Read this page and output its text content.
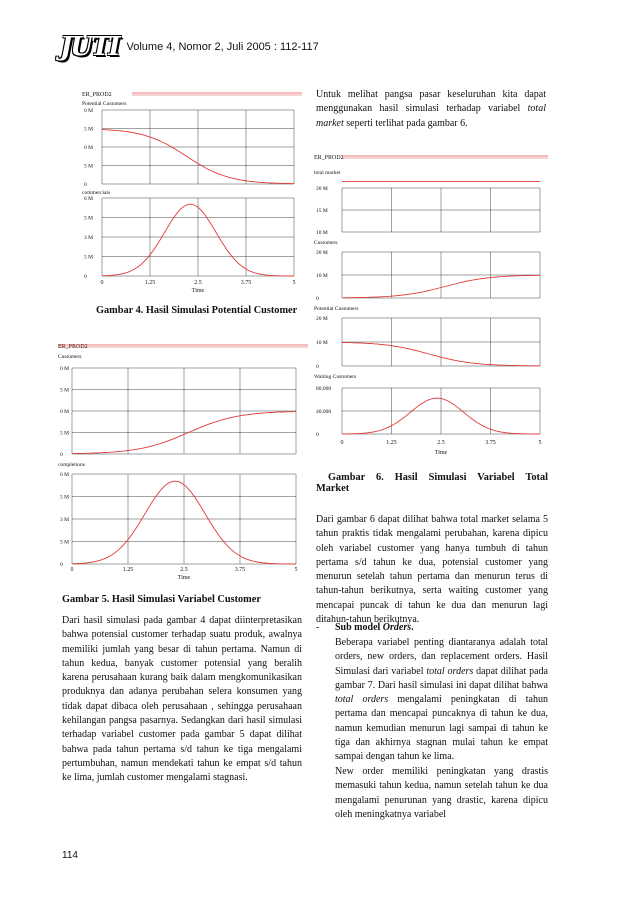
JUTI Volume 4, Nomor 2, Juli 2005 : 112-117
ER_PROD2
Potential Customers
0 M
5 M
0 M
5 M
0
commercials
6 M
5 M
3 M
5 M
0
0	1.25	2.5	3.75	5
Time
Gambar 4. Hasil Simulasi Potential Customer
ER_PROD2
Customers
0 M
5 M
0 M
5 M
0
completions
6 M
5 M
3 M
5 M
0
0	1.25	2.5	3.75	5
Time
Gambar 5. Hasil Simulasi Variabel Customer

Dari hasil simulasi pada gambar 4 dapat diinterpretasikan bahwa potensial customer terhadap suatu produk, awalnya memiliki jumlah yang besar di tahun pertama. Namun di tahun kedua, banyak customer potensial yang beralih karena perusahaan kurang baik dalam mengkomunikasikan produknya dan adanya perubahan selera konsumen yang tidak dapat dibaca oleh perusahaan , sehingga perusahaan kehilangan pangsa pasarnya. Sedangkan dari hasil simulasi terhadap variabel customer pada gambar 5 dapat dilihat bahwa pada tahun pertama s/d tahun ke tiga mengalami pertumbuhan, namun mendekati tahun ke empat s/d tahun ke lima, jumlah customer mengalami stagnasi.

Untuk melihat pangsa pasar keseluruhan kita dapat menggunakan hasil simulasi terhadap variabel total market seperti terlihat pada gambar 6.

ER_PROD2
total market
20 M
15 M
10 M
Customers
20 M
10 M
0
Potential Customers
20 M
10 M
0
Waiting Customers
80,000
40,000
0
0	1.25	2.5	3.75	5
Time
Gambar 6. Hasil Simulasi Variabel Total
Market

Dari gambar 6 dapat dilihat bahwa total market selama 5 tahun praktis tidak mengalami perubahan, karena dipicu oleh variabel customer yang hanya tumbuh di tahun pertama s/d tahun ke dua, potensial customer yang menurun setelah tahun pertama dan menurun terus di tahun-tahun berikutnya, serta waiting customer yang mencapai puncak di tahun ke dua dan menurun lagi ditahun-tahun berikutnya.

- Sub model Orders.

Beberapa variabel penting diantaranya adalah total orders, new orders, dan replacement orders. Hasil Simulasi dari variabel total orders dapat dilihat pada gambar 7. Dari hasil simulasi ini dapat dilihat bahwa total orders mengalami peningkatan di tahun pertama dan mencapai puncaknya di tahun ke dua, namun kemudian menurun lagi sampai di tahun ke tiga dan akhirnya stagnan mulai tahun ke empat sampai dengan tahun ke lima.

New order memiliki peningkatan yang drastis memasuki tahun kedua, namun setelah tahun ke dua mengalami penurunan yang drastic, karena dipicu oleh meningkatnya variabel

114
